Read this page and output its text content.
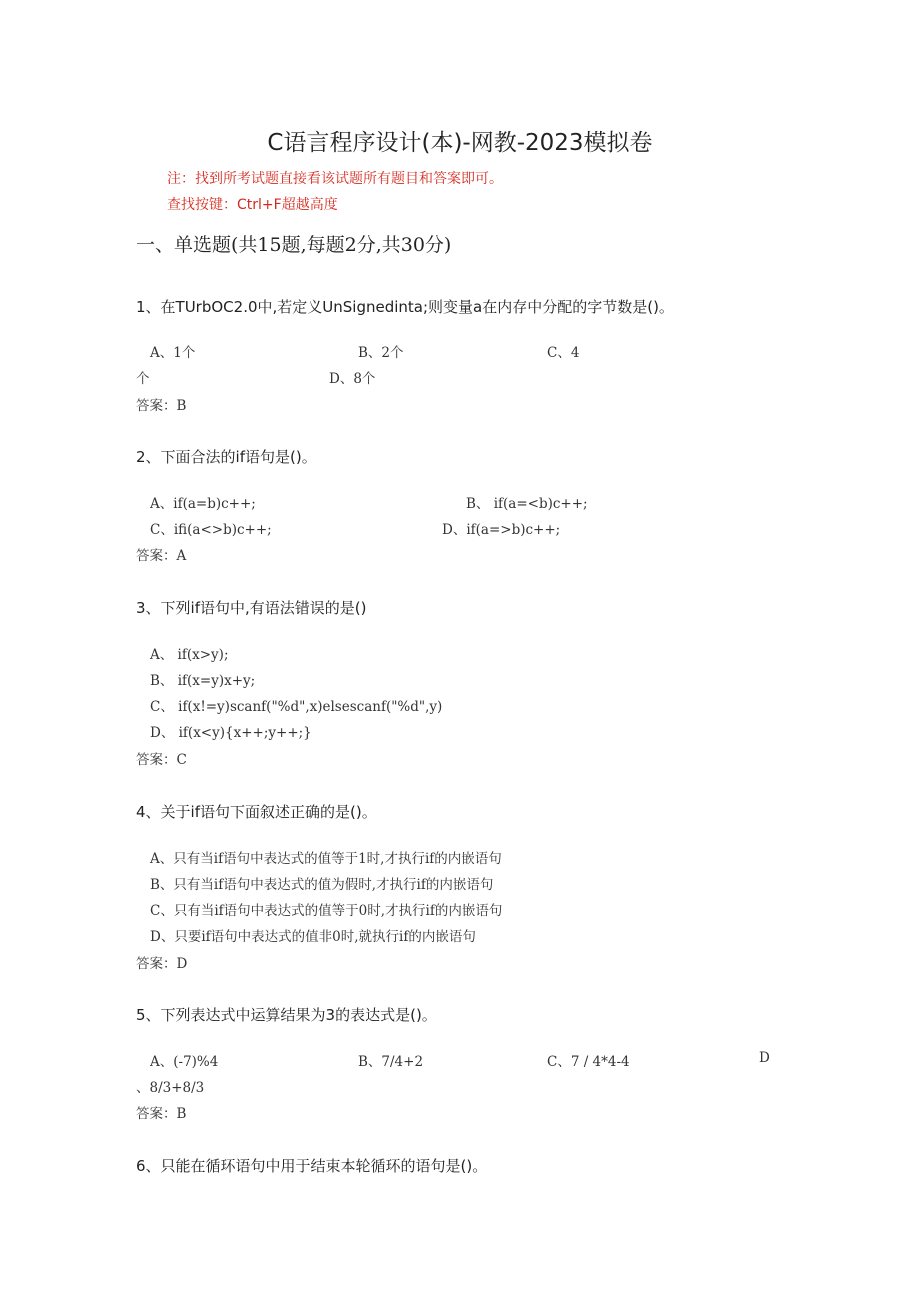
C语言程序设计(本)-网教-2023模拟卷
注：找到所考试题直接看该试题所有题目和答案即可。
查找按键：Ctrl+F超越高度
一、单选题(共15题,每题2分,共30分)
1、在TUrbOC2.0中,若定义UnSignedinta;则变量a在内存中分配的字节数是()。
A、1个	B、2个	C、4
个	D、8个
答案：B
2、下面合法的if语句是()。
A、if(a=b)c++;	B、 if(a=<b)c++;
C、ifi(a<>b)c++;	D、if(a=>b)c++;
答案：A
3、下列if语句中,有语法错误的是()
A、 if(x>y);
B、 if(x=y)x+y;
C、 if(x!=y)scanf("%d",x)elsescanf("%d",y)
D、 if(x<y){x++;y++;}
答案：C
4、关于if语句下面叙述正确的是()。
A、只有当if语句中表达式的值等于1时,才执行if的内嵌语句
B、只有当if语句中表达式的值为假时,才执行if的内嵌语句
C、只有当if语句中表达式的值等于0时,才执行if的内嵌语句
D、只要if语句中表达式的值非0时,就执行if的内嵌语句
答案：D
5、下列表达式中运算结果为3的表达式是()。
A、(-7)%4	B、7/4+2	C、7 / 4*4-4	D
、8/3+8/3
答案：B
6、只能在循环语句中用于结束本轮循环的语句是()。
